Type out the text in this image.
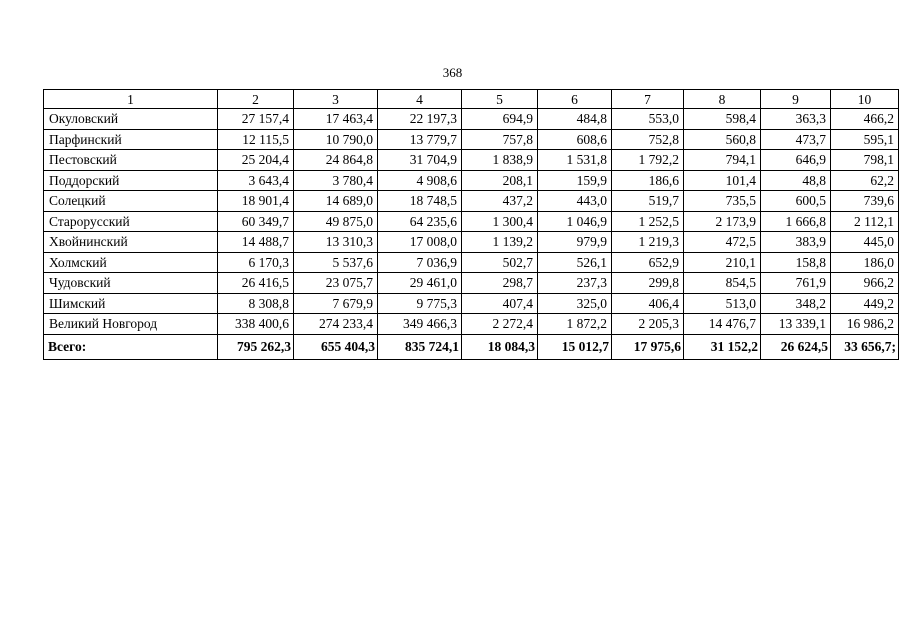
368
1	2	3	4	5	6	7	8	9	10
Окуловский	27 157,4	17 463,4	22 197,3	694,9	484,8	553,0	598,4	363,3	466,2
Парфинский	12 115,5	10 790,0	13 779,7	757,8	608,6	752,8	560,8	473,7	595,1
Пестовский	25 204,4	24 864,8	31 704,9	1 838,9	1 531,8	1 792,2	794,1	646,9	798,1
Поддорский	3 643,4	3 780,4	4 908,6	208,1	159,9	186,6	101,4	48,8	62,2
Солецкий	18 901,4	14 689,0	18 748,5	437,2	443,0	519,7	735,5	600,5	739,6
Старорусский	60 349,7	49 875,0	64 235,6	1 300,4	1 046,9	1 252,5	2 173,9	1 666,8	2 112,1
Хвойнинский	14 488,7	13 310,3	17 008,0	1 139,2	979,9	1 219,3	472,5	383,9	445,0
Холмский	6 170,3	5 537,6	7 036,9	502,7	526,1	652,9	210,1	158,8	186,0
Чудовский	26 416,5	23 075,7	29 461,0	298,7	237,3	299,8	854,5	761,9	966,2
Шимский	8 308,8	7 679,9	9 775,3	407,4	325,0	406,4	513,0	348,2	449,2
Великий Новгород	338 400,6	274 233,4	349 466,3	2 272,4	1 872,2	2 205,3	14 476,7	13 339,1	16 986,2
Всего:	795 262,3	655 404,3	835 724,1	18 084,3	15 012,7	17 975,6	31 152,2	26 624,5	33 656,7;
